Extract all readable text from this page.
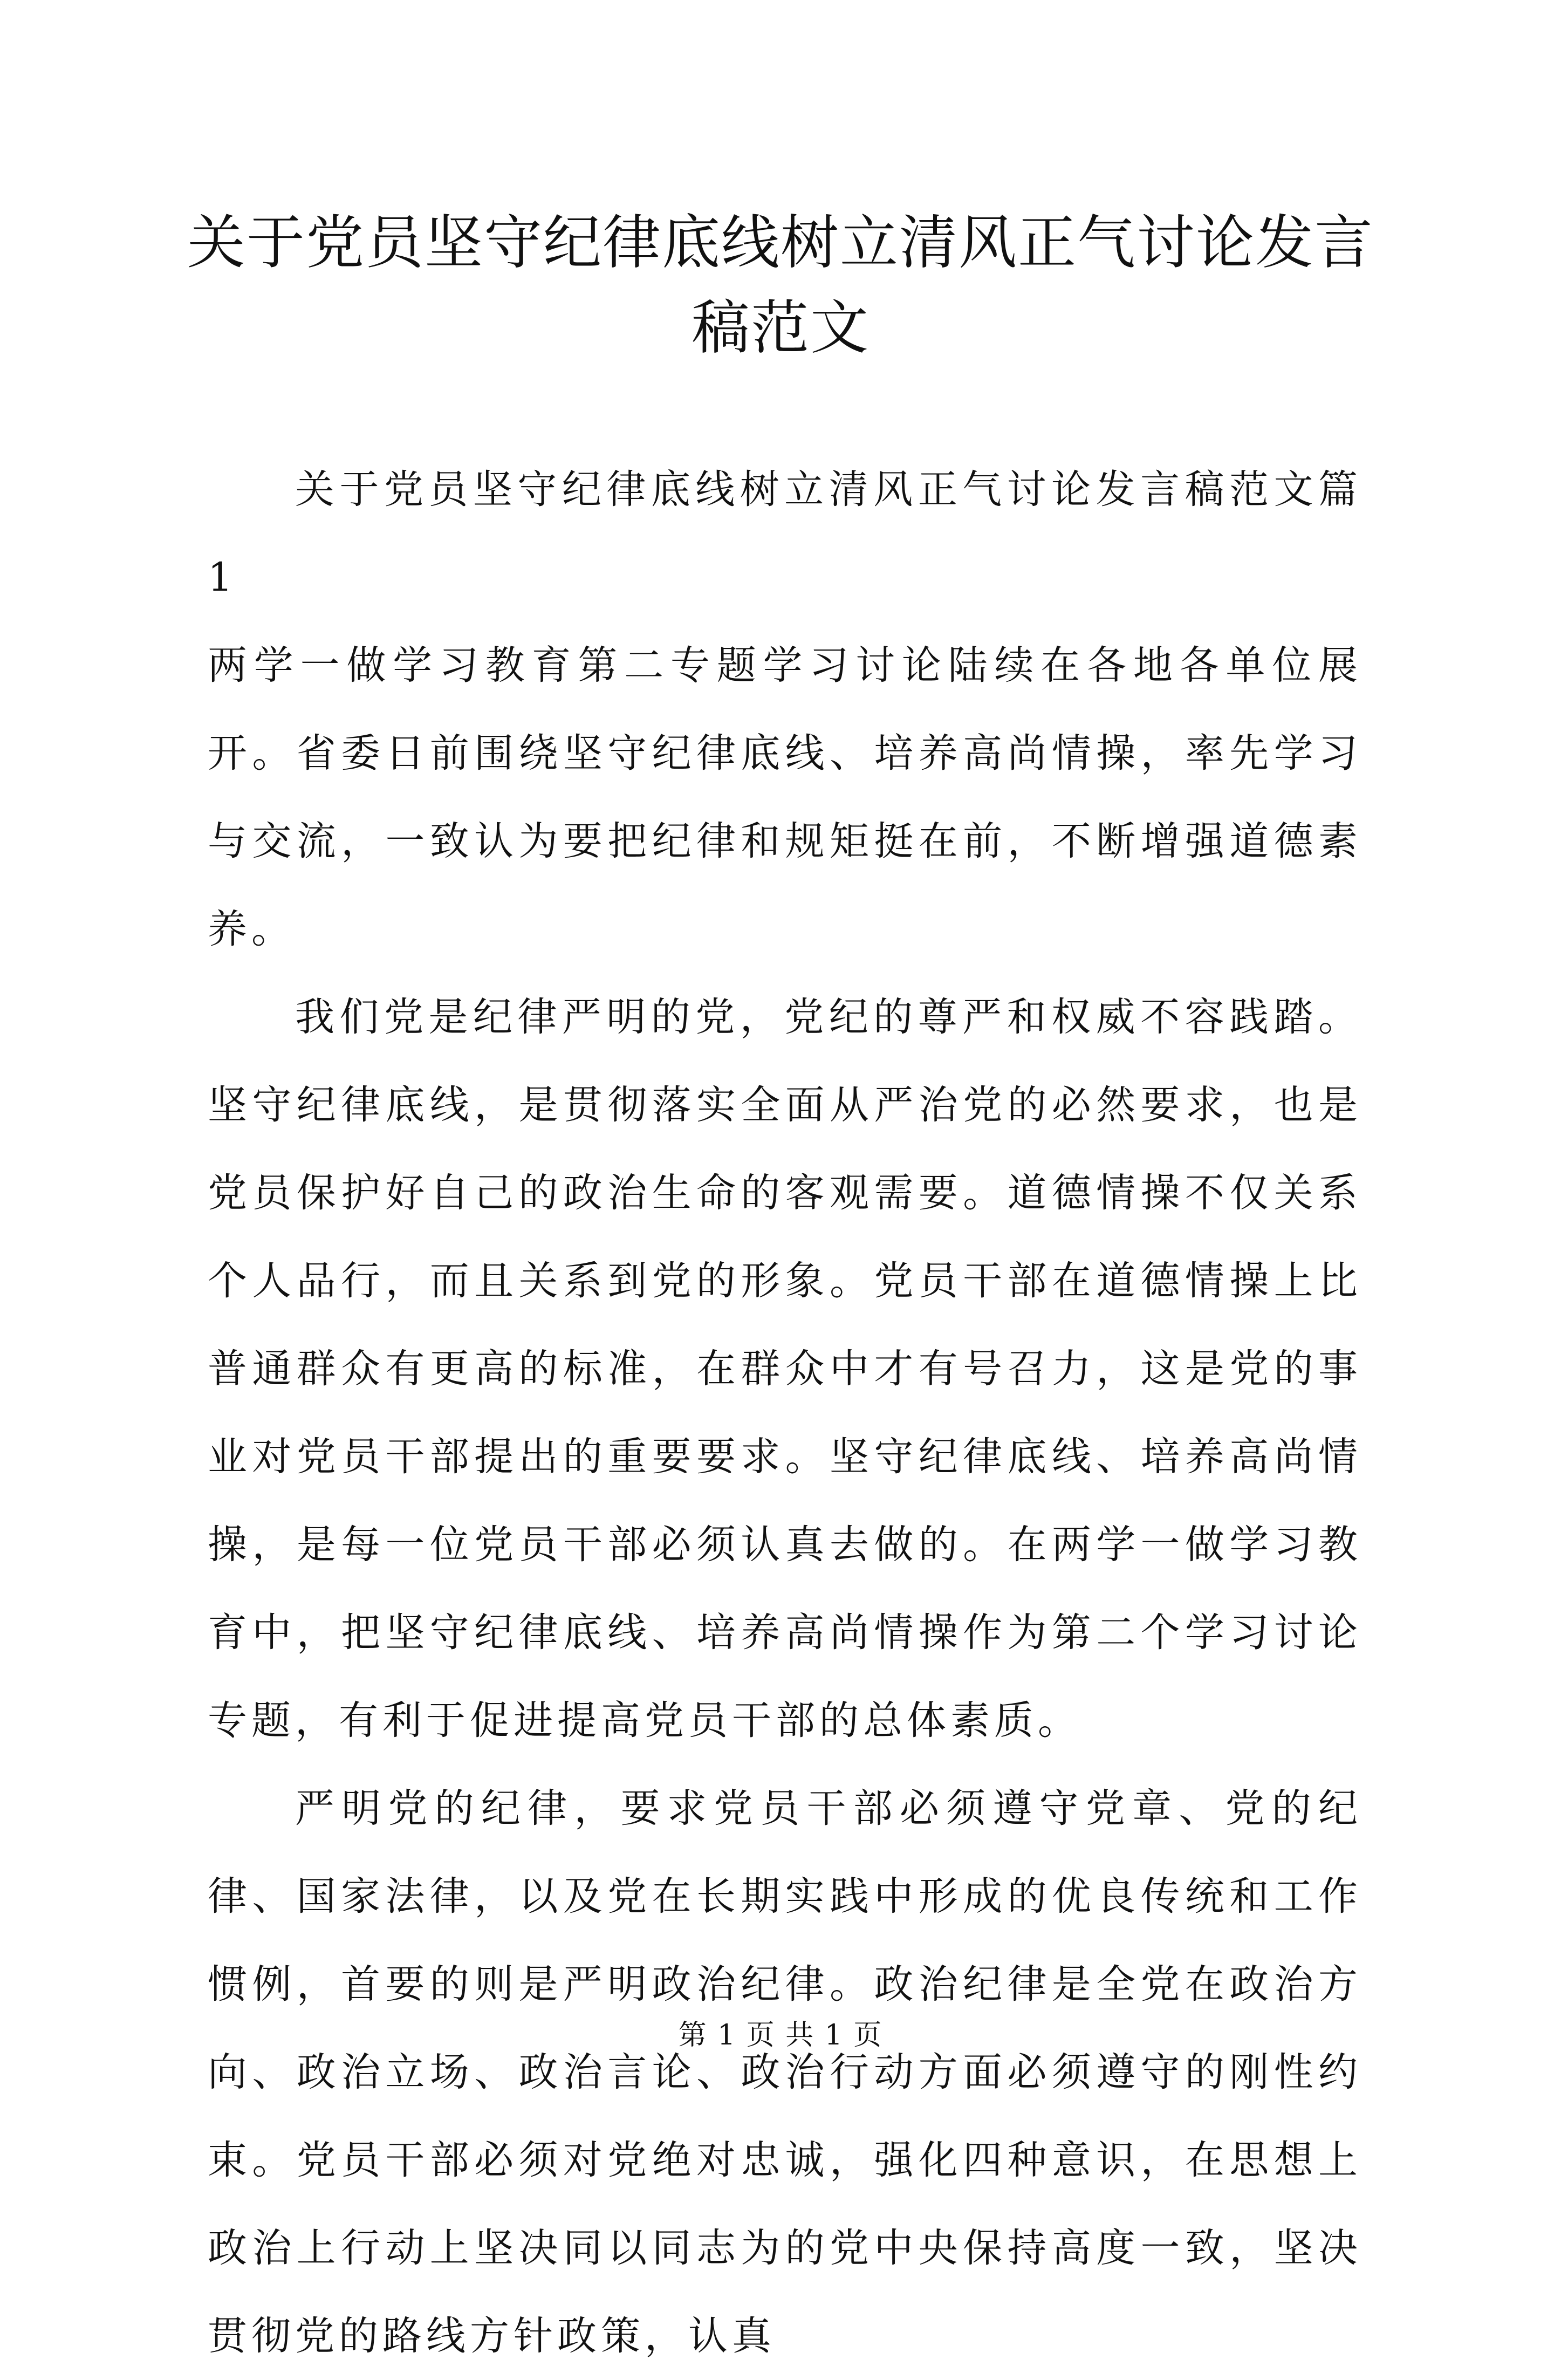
关于党员坚守纪律底线树立清风正气讨论发言
稿范文

关于党员坚守纪律底线树立清风正气讨论发言稿范文篇 1

两学一做学习教育第二专题学习讨论陆续在各地各单位展开。省委日前围绕坚守纪律底线、培养高尚情操，率先学习与交流，一致认为要把纪律和规矩挺在前，不断增强道德素养。

我们党是纪律严明的党，党纪的尊严和权威不容践踏。坚守纪律底线，是贯彻落实全面从严治党的必然要求，也是党员保护好自己的政治生命的客观需要。道德情操不仅关系个人品行，而且关系到党的形象。党员干部在道德情操上比普通群众有更高的标准，在群众中才有号召力，这是党的事业对党员干部提出的重要要求。坚守纪律底线、培养高尚情操，是每一位党员干部必须认真去做的。在两学一做学习教育中，把坚守纪律底线、培养高尚情操作为第二个学习讨论专题，有利于促进提高党员干部的总体素质。

严明党的纪律，要求党员干部必须遵守党章、党的纪律、国家法律，以及党在长期实践中形成的优良传统和工作惯例，首要的则是严明政治纪律。政治纪律是全党在政治方向、政治立场、政治言论、政治行动方面必须遵守的刚性约束。党员干部必须对党绝对忠诚，强化四种意识，在思想上政治上行动上坚决同以同志为的党中央保持高度一致，坚决贯彻党的路线方针政策，认真

第 1 页 共 1 页
